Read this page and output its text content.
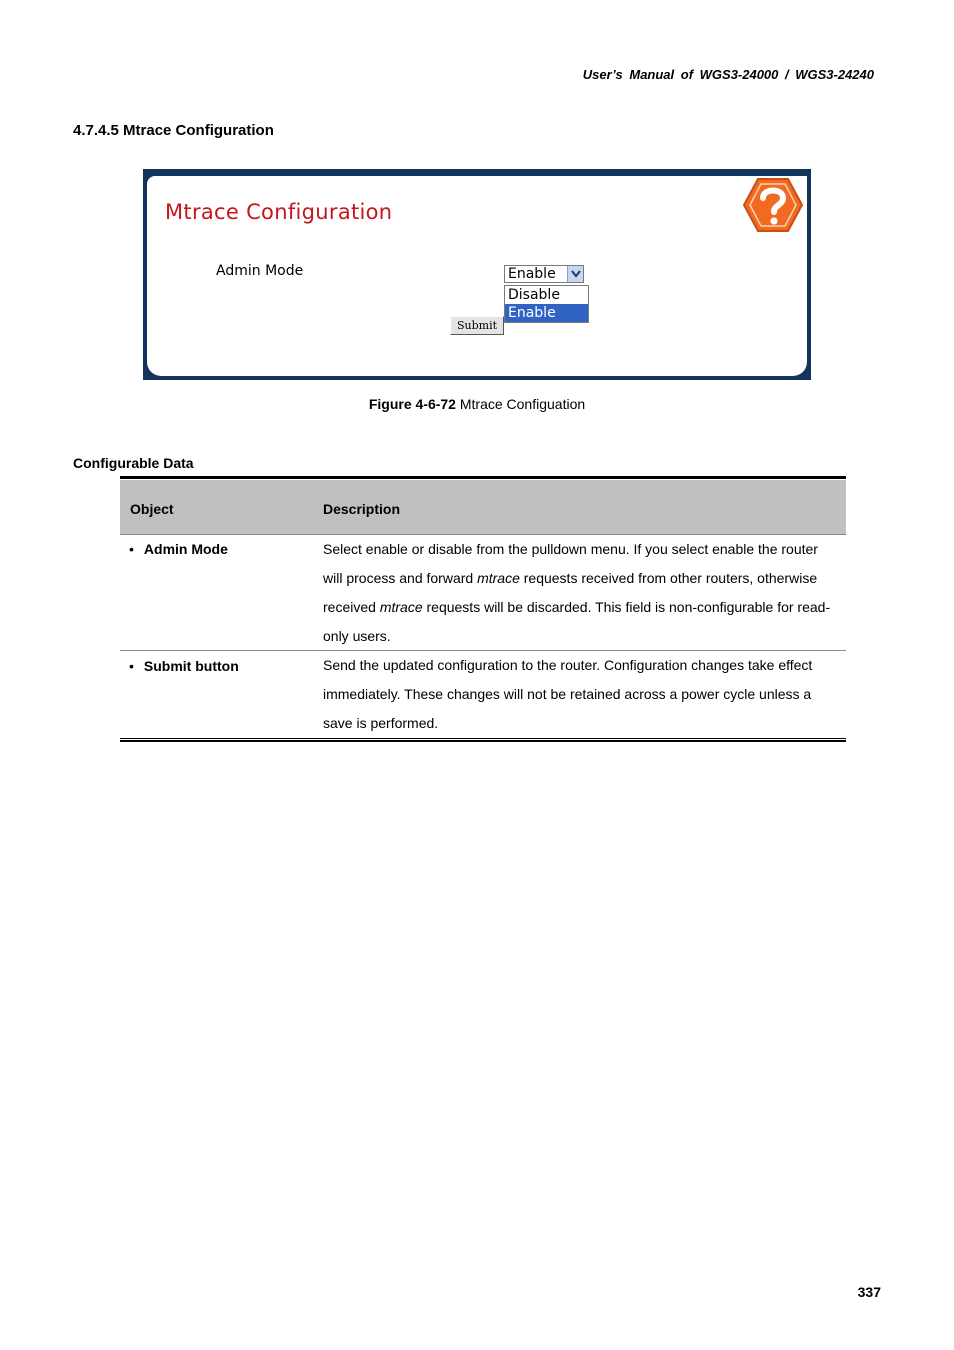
User’s Manual of WGS3-24000 / WGS3-24240
4.7.4.5 Mtrace Configuration
Mtrace Configuration
Admin Mode	Enable
Disable
Enable
Submit
Figure 4-6-72 Mtrace Configuation
Configurable Data
Object	Description
• Admin Mode	Select enable or disable from the pulldown menu. If you select enable the router will process and forward mtrace requests received from other routers, otherwise received mtrace requests will be discarded. This field is non-configurable for read-only users.
• Submit button	Send the updated configuration to the router. Configuration changes take effect immediately. These changes will not be retained across a power cycle unless a save is performed.
337
